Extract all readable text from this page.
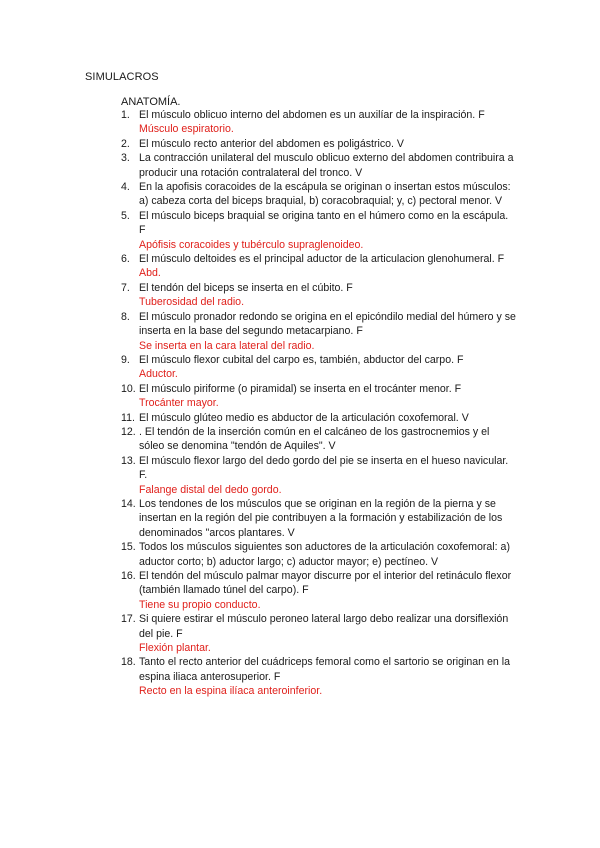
SIMULACROS
ANATOMÍA.
1. El músculo oblicuo interno del abdomen es un auxilíar de la inspiración. F
Músculo espiratorio.
2. El músculo recto anterior del abdomen es poligástrico. V
3. La contracción unilateral del musculo oblicuo externo del abdomen contribuira a producir una rotación contralateral del tronco. V
4. En la apofisis coracoides de la escápula se originan o insertan estos músculos: a) cabeza corta del biceps braquial, b) coracobraquial; y, c) pectoral menor. V
5. El músculo biceps braquial se origina tanto en el húmero como en la escápula. F
Apófisis coracoides y tubérculo supraglenoideo.
6. El músculo deltoides es el principal aductor de la articulacion glenohumeral. F
Abd.
7. El tendón del biceps se inserta en el cúbito. F
Tuberosidad del radio.
8. El músculo pronador redondo se origina en el epicóndilo medial del húmero y se inserta en la base del segundo metacarpiano. F
Se inserta en la cara lateral del radio.
9. El músculo flexor cubital del carpo es, también, abductor del carpo. F
Aductor.
10. El músculo piriforme (o piramidal) se inserta en el trocánter menor. F
Trocánter mayor.
11. El músculo glúteo medio es abductor de la articulación coxofemoral. V
12. . El tendón de la inserción común en el calcáneo de los gastrocnemios y el sóleo se denomina "tendón de Aquiles". V
13. El músculo flexor largo del dedo gordo del pie se inserta en el hueso navicular. F.
Falange distal del dedo gordo.
14. Los tendones de los músculos que se originan en la región de la pierna y se insertan en la región del pie contribuyen a la formación y estabilización de los denominados "arcos plantares. V
15. Todos los músculos siguientes son aductores de la articulación coxofemoral: a) aductor corto; b) aductor largo; c) aductor mayor; e) pectíneo. V
16. El tendón del músculo palmar mayor discurre por el interior del retináculo flexor (también llamado túnel del carpo). F
Tiene su propio conducto.
17. Si quiere estirar el músculo peroneo lateral largo debo realizar una dorsiflexión del pie. F
Flexión plantar.
18. Tanto el recto anterior del cuádriceps femoral como el sartorio se originan en la espina iliaca anterosuperior. F
Recto en la espina ilíaca anteroinferior.
